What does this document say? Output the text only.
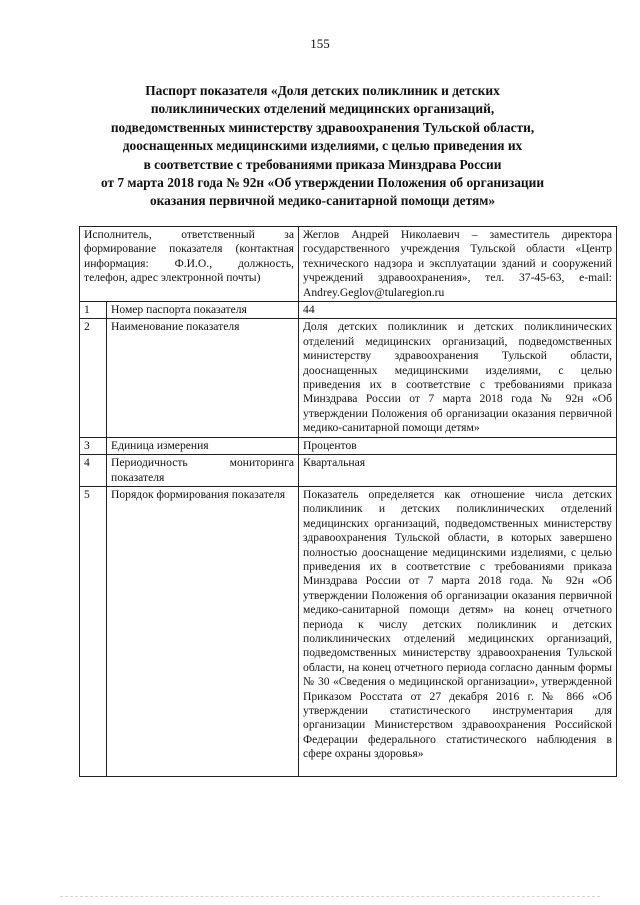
155
Паспорт показателя «Доля детских поликлиник и детских
поликлинических отделений медицинских организаций,
подведомственных министерству здравоохранения Тульской области,
дооснащенных медицинскими изделиями, с целью приведения их
в соответствие с требованиями приказа Минздрава России
от 7 марта 2018 года № 92н «Об утверждении Положения об организации
оказания первичной медико-санитарной помощи детям»
Исполнитель, ответственный за формирование показателя (контактная информация: Ф.И.О., должность, телефон, адрес электронной почты)		Жеглов Андрей Николаевич – заместитель директора государственного учреждения Тульской области «Центр технического надзора и эксплуатации зданий и сооружений учреждений здравоохранения», тел. 37-45-63, e-mail: Andrey.Geglov@tularegion.ru
1	Номер паспорта показателя	44
2	Наименование показателя	Доля детских поликлиник и детских поликлинических отделений медицинских организаций, подведомственных министерству здравоохранения Тульской области, дооснащенных медицинскими изделиями, с целью приведения их в соответствие с требованиями приказа Минздрава России от 7 марта 2018 года № 92н «Об утверждении Положения об организации оказания первичной медико-санитарной помощи детям»
3	Единица измерения	Процентов
4	Периодичность мониторинга показателя	Квартальная
5	Порядок формирования показателя	Показатель определяется как отношение числа детских поликлиник и детских поликлинических отделений медицинских организаций, подведомственных министерству здравоохранения Тульской области, в которых завершено полностью дооснащение медицинскими изделиями, с целью приведения их в соответствие с требованиями приказа Минздрава России от 7 марта 2018 года. № 92н «Об утверждении Положения об организации оказания первичной медико-санитарной помощи детям» на конец отчетного периода к числу детских поликлиник и детских поликлинических отделений медицинских организаций, подведомственных министерству здравоохранения Тульской области, на конец отчетного периода согласно данным формы № 30 «Сведения о медицинской организации», утвержденной Приказом Росстата от 27 декабря 2016 г. № 866 «Об утверждении статистического инструментария для организации Министерством здравоохранения Российской Федерации федерального статистического наблюдения в сфере охраны здоровья»
